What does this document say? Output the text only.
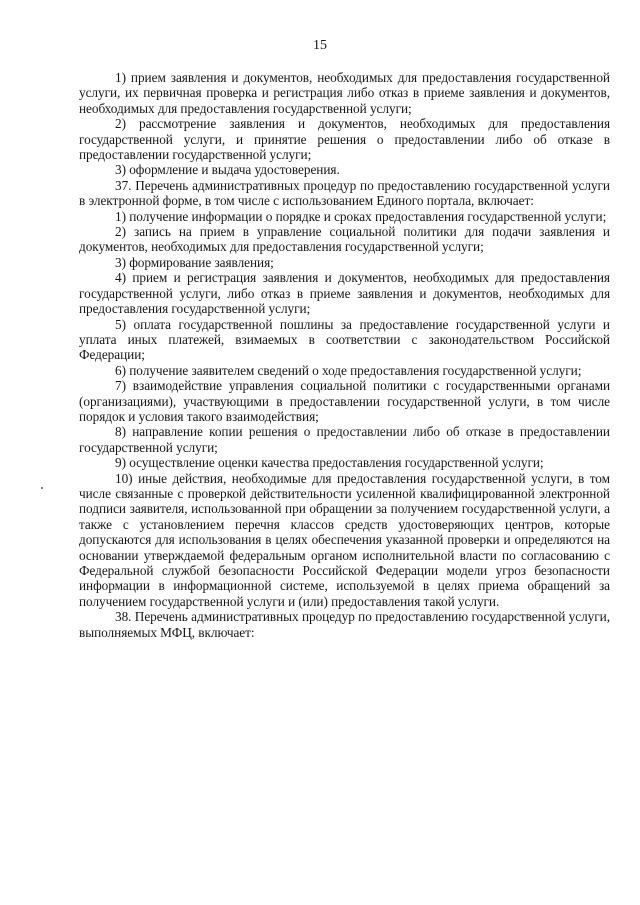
15

1) прием заявления и документов, необходимых для предоставления государственной услуги, их первичная проверка и регистрация либо отказ в приеме заявления и документов, необходимых для предоставления государственной услуги;

2) рассмотрение заявления и документов, необходимых для предоставления государственной услуги, и принятие решения о предоставлении либо об отказе в предоставлении государственной услуги;

3) оформление и выдача удостоверения.

37. Перечень административных процедур по предоставлению государственной услуги в электронной форме, в том числе с использованием Единого портала, включает:

1) получение информации о порядке и сроках предоставления государственной услуги;

2) запись на прием в управление социальной политики для подачи заявления и документов, необходимых для предоставления государственной услуги;

3) формирование заявления;

4) прием и регистрация заявления и документов, необходимых для предоставления государственной услуги, либо отказ в приеме заявления и документов, необходимых для предоставления государственной услуги;

5) оплата государственной пошлины за предоставление государственной услуги и уплата иных платежей, взимаемых в соответствии с законодательством Российской Федерации;

6) получение заявителем сведений о ходе предоставления государственной услуги;

7) взаимодействие управления социальной политики с государственными органами (организациями), участвующими в предоставлении государственной услуги, в том числе порядок и условия такого взаимодействия;

8) направление копии решения о предоставлении либо об отказе в предоставлении государственной услуги;

9) осуществление оценки качества предоставления государственной услуги;

10) иные действия, необходимые для предоставления государственной услуги, в том числе связанные с проверкой действительности усиленной квалифицированной электронной подписи заявителя, использованной при обращении за получением государственной услуги, а также с установлением перечня классов средств удостоверяющих центров, которые допускаются для использования в целях обеспечения указанной проверки и определяются на основании утверждаемой федеральным органом исполнительной власти по согласованию с Федеральной службой безопасности Российской Федерации модели угроз безопасности информации в информационной системе, используемой в целях приема обращений за получением государственной услуги и (или) предоставления такой услуги.

38. Перечень административных процедур по предоставлению государственной услуги, выполняемых МФЦ, включает:
